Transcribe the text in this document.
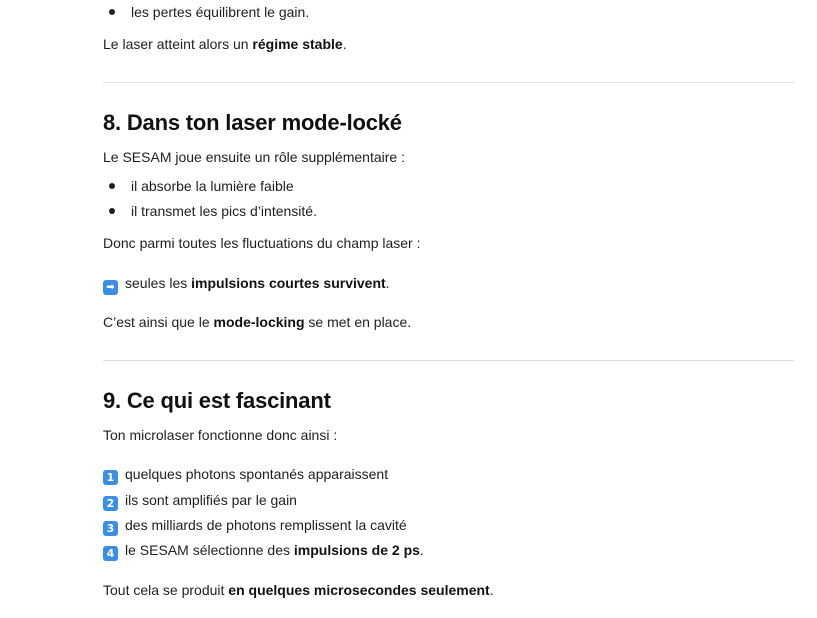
les pertes équilibrent le gain.

Le laser atteint alors un régime stable.

8. Dans ton laser mode-locké

Le SESAM joue ensuite un rôle supplémentaire :

il absorbe la lumière faible
il transmet les pics d’intensité.

Donc parmi toutes les fluctuations du champ laser :

➡ seules les impulsions courtes survivent.

C’est ainsi que le mode-locking se met en place.

9. Ce qui est fascinant

Ton microlaser fonctionne donc ainsi :

1 quelques photons spontanés apparaissent

2 ils sont amplifiés par le gain

3 des milliards de photons remplissent la cavité

4 le SESAM sélectionne des impulsions de 2 ps.

Tout cela se produit en quelques microsecondes seulement.
